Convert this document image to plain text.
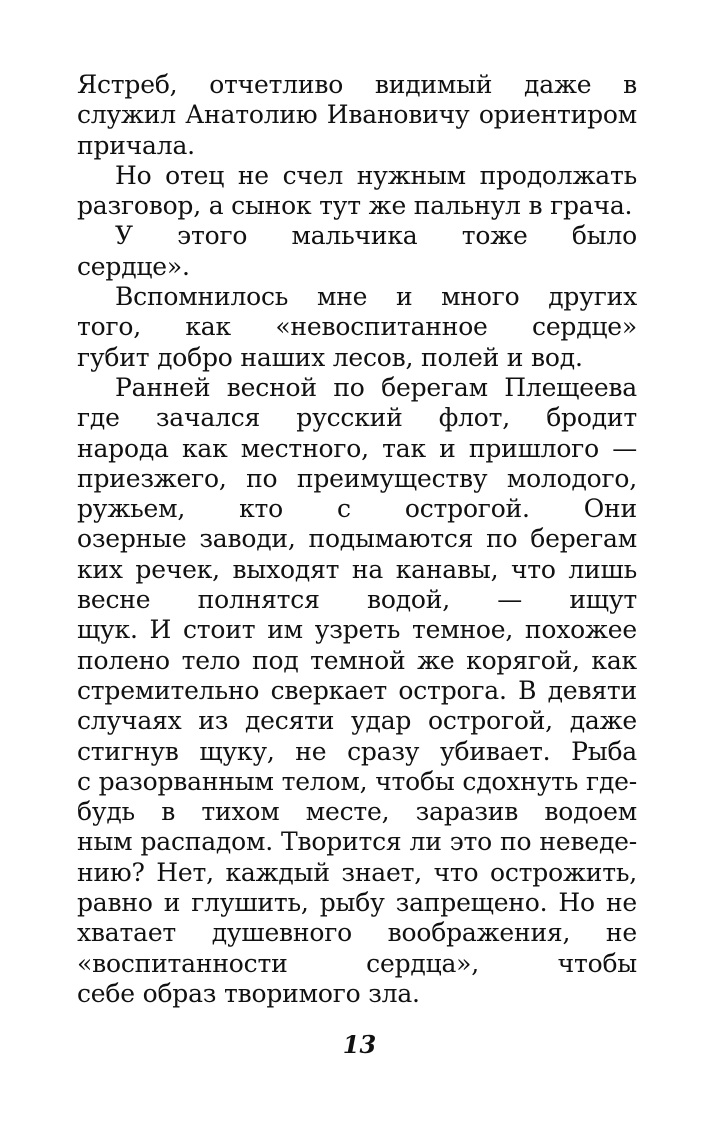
Ястреб, отчетливо видимый даже в
служил Анатолию Ивановичу ориентиром
причала.
Но отец не счел нужным продолжать
разговор, а сынок тут же пальнул в грача.
У этого мальчика тоже было
сердце».
Вспомнилось мне и много других
того, как «невоспитанное сердце»
губит добро наших лесов, полей и вод.
Ранней весной по берегам Плещеева
где зачался русский флот, бродит
народа как местного, так и пришлого —
приезжего, по преимуществу молодого,
ружьем, кто с острогой. Они
озерные заводи, подымаются по берегам
ких речек, выходят на канавы, что лишь
весне полнятся водой, — ищут
щук. И стоит им узреть темное, похожее
полено тело под темной же корягой, как
стремительно сверкает острога. В девяти
случаях из десяти удар острогой, даже
стигнув щуку, не сразу убивает. Рыба
с разорванным телом, чтобы сдохнуть где-
будь в тихом месте, заразив водоем
ным распадом. Творится ли это по неведе-
нию? Нет, каждый знает, что острожить,
равно и глушить, рыбу запрещено. Но не
хватает душевного воображения, не
«воспитанности сердца», чтобы
себе образ творимого зла.
13
